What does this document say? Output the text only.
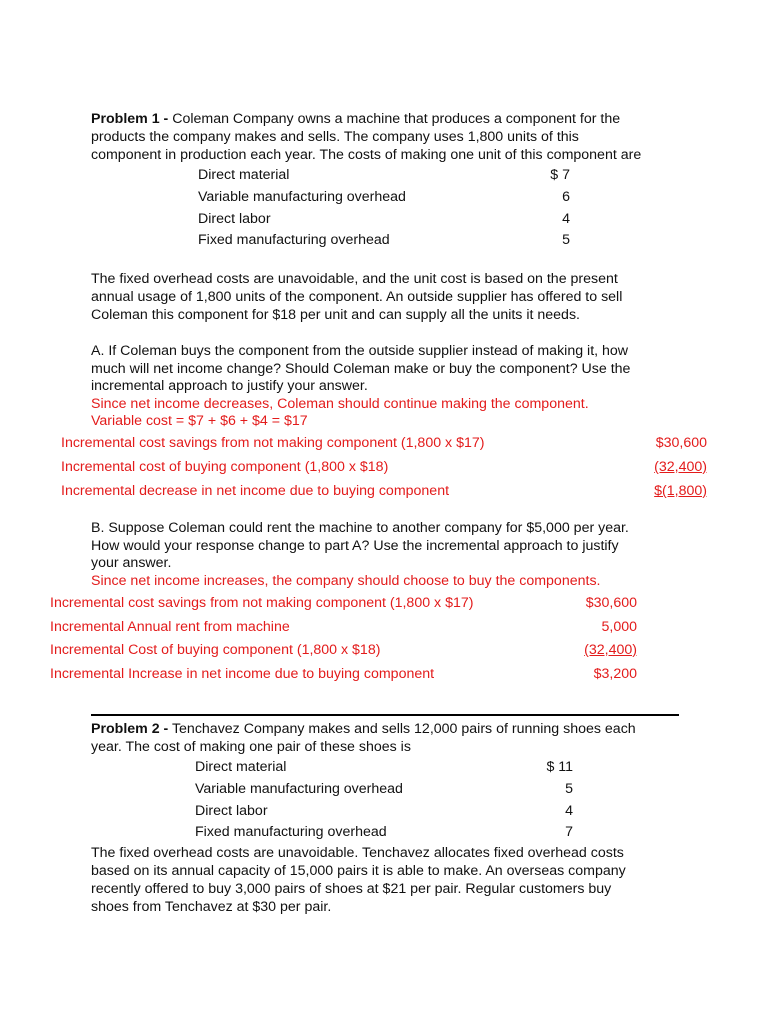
Problem 1 - Coleman Company owns a machine that produces a component for the
products the company makes and sells. The company uses 1,800 units of this
component in production each year. The costs of making one unit of this component are
Direct material	$ 7
Variable manufacturing overhead	6
Direct labor	4
Fixed manufacturing overhead	5
The fixed overhead costs are unavoidable, and the unit cost is based on the present
annual usage of 1,800 units of the component. An outside supplier has offered to sell
Coleman this component for $18 per unit and can supply all the units it needs.
A. If Coleman buys the component from the outside supplier instead of making it, how
much will net income change? Should Coleman make or buy the component? Use the
incremental approach to justify your answer.
Since net income decreases, Coleman should continue making the component.
Variable cost = $7 + $6 + $4 = $17
Incremental cost savings from not making component (1,800 x $17)	$30,600
Incremental cost of buying component (1,800 x $18)	(32,400)
Incremental decrease in net income due to buying component	$(1,800)
B. Suppose Coleman could rent the machine to another company for $5,000 per year.
How would your response change to part A? Use the incremental approach to justify
your answer.
Since net income increases, the company should choose to buy the components.
Incremental cost savings from not making component (1,800 x $17)	$30,600
Incremental Annual rent from machine	5,000
Incremental Cost of buying component (1,800 x $18)	(32,400)
Incremental Increase in net income due to buying component	$3,200
Problem 2 - Tenchavez Company makes and sells 12,000 pairs of running shoes each
year. The cost of making one pair of these shoes is
Direct material	$ 11
Variable manufacturing overhead	5
Direct labor	4
Fixed manufacturing overhead	7
The fixed overhead costs are unavoidable. Tenchavez allocates fixed overhead costs
based on its annual capacity of 15,000 pairs it is able to make. An overseas company
recently offered to buy 3,000 pairs of shoes at $21 per pair. Regular customers buy
shoes from Tenchavez at $30 per pair.
